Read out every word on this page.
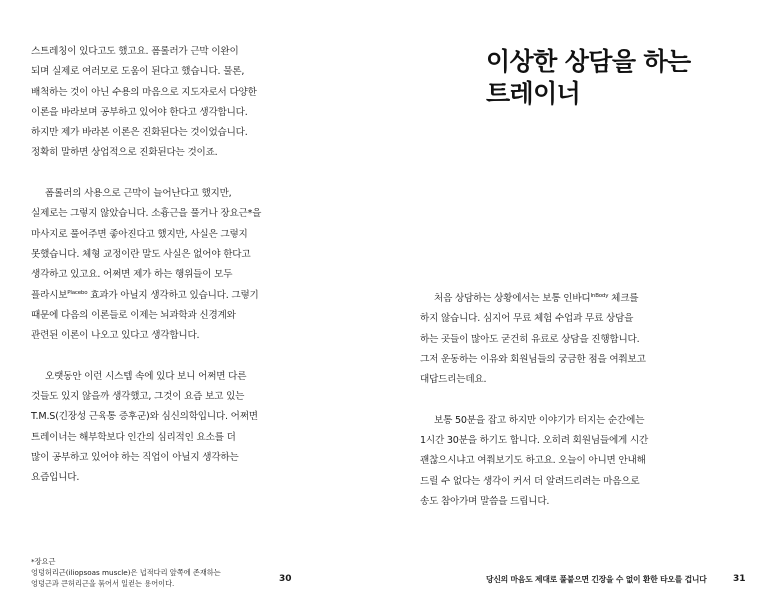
스트레칭이 있다고도 했고요. 폼롤러가 근막 이완이
되며 실제로 여러모로 도움이 된다고 했습니다. 물론,
배척하는 것이 아닌 수용의 마음으로 지도자로서 다양한
이론을 바라보며 공부하고 있어야 한다고 생각합니다.
하지만 제가 바라본 이론은 진화된다는 것이었습니다.
정확히 말하면 상업적으로 진화된다는 것이죠.

폼롤러의 사용으로 근막이 늘어난다고 했지만,
실제로는 그렇지 않았습니다. 소흉근을 풀거나 장요근*을
마사지로 풀어주면 좋아진다고 했지만, 사실은 그렇지
못했습니다. 체형 교정이란 말도 사실은 없어야 한다고
생각하고 있고요. 어쩌면 제가 하는 행위들이 모두
플라시보$^{Placebo}$ 효과가 아닐지 생각하고 있습니다. 그렇기
때문에 다음의 이론들로 이제는 뇌과학과 신경계와
관련된 이론이 나오고 있다고 생각합니다.

오랫동안 이런 시스템 속에 있다 보니 어쩌면 다른
것들도 있지 않을까 생각했고, 그것이 요즘 보고 있는
T.M.S(긴장성 근육통 증후군)와 심신의학입니다. 어쩌면
트레이너는 해부학보다 인간의 심리적인 요소를 더
많이 공부하고 있어야 하는 직업이 아닐지 생각하는
요즘입니다.

*장요근
엉덩허리근(iliopsoas muscle)은 넙적다리 앞쪽에 존재하는
엉덩근과 큰허리근을 묶어서 일컫는 용어이다.	30
이상한 상담을 하는
트레이너

처음 상담하는 상황에서는 보통 인바디$^{InBody}$ 체크를
하지 않습니다. 심지어 무료 체험 수업과 무료 상담을
하는 곳들이 많아도 굳건히 유료로 상담을 진행합니다.
그저 운동하는 이유와 회원님들의 궁금한 점을 여쭤보고
대답드리는데요.

보통 50분을 잡고 하지만 이야기가 터지는 순간에는
1시간 30분을 하기도 합니다. 오히려 회원님들에게 시간
괜찮으시냐고 여쭤보기도 하고요. 오늘이 아니면 안내해
드릴 수 없다는 생각이 커서 더 알려드리려는 마음으로
송도 참아가며 말씀을 드립니다.

당신의 마음도 제대로 풀붙으면 긴장을 수 없이 환한 타오를 겁니다	31
